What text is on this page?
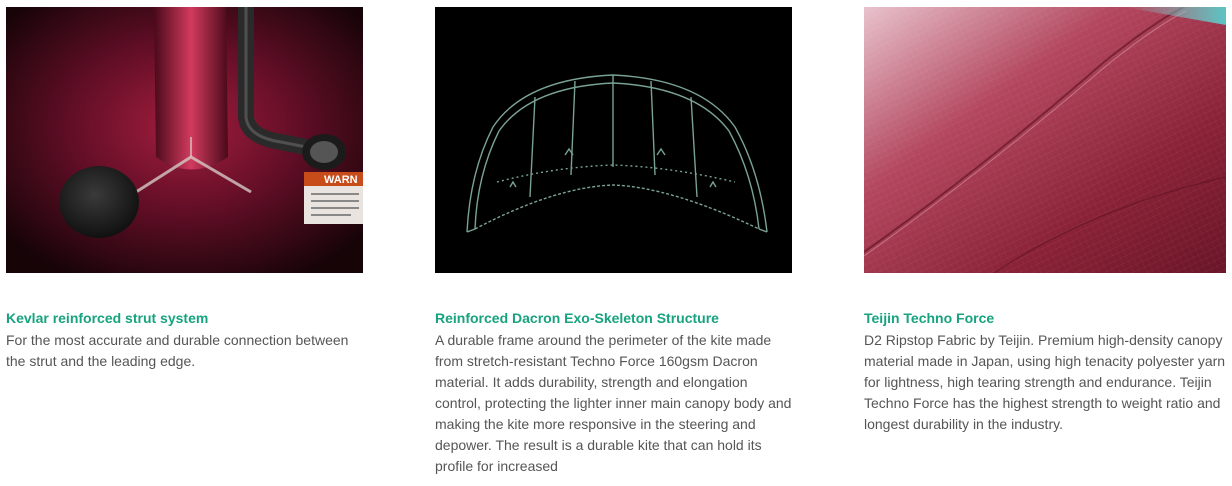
WARN
Kevlar reinforced strut system
For the most accurate and durable connection between the strut and the leading edge.
Reinforced Dacron Exo-Skeleton Structure
A durable frame around the perimeter of the kite made from stretch-resistant Techno Force 160gsm Dacron material. It adds durability, strength and elongation control, protecting the lighter inner main canopy body and making the kite more responsive in the steering and depower. The result is a durable kite that can hold its profile for increased
Teijin Techno Force
D2 Ripstop Fabric by Teijin. Premium high-density canopy material made in Japan, using high tenacity polyester yarn for lightness, high tearing strength and endurance. Teijin Techno Force has the highest strength to weight ratio and longest durability in the industry.
